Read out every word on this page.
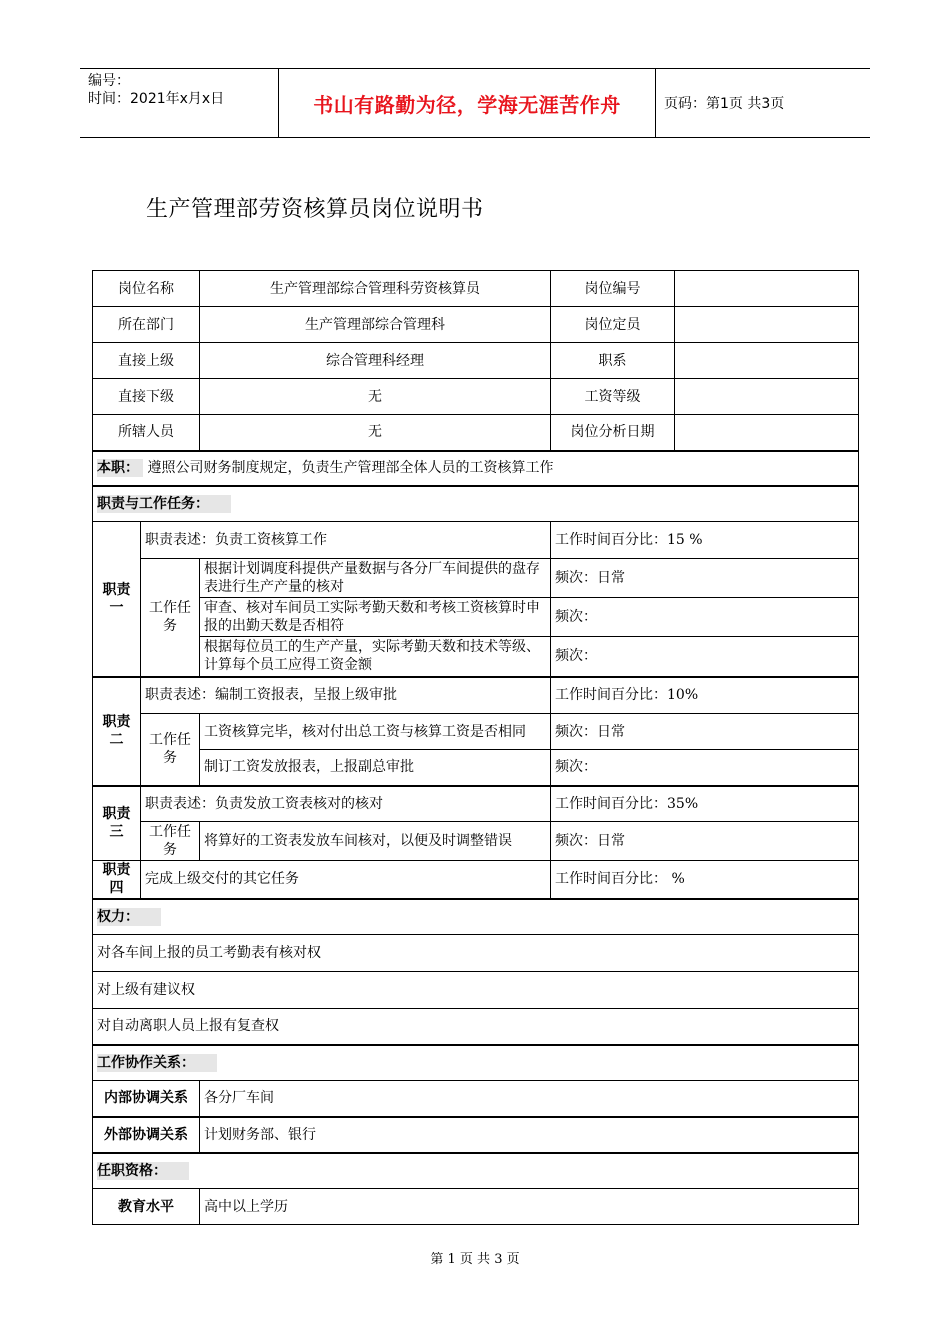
编号：
时间：2021年x月x日	书山有路勤为径，学海无涯苦作舟	页码：第1页 共3页
生产管理部劳资核算员岗位说明书
岗位名称		生产管理部综合管理科劳资核算员	岗位编号	
所在部门		生产管理部综合管理科	岗位定员	
直接上级		综合管理科经理	职系	
直接下级		无	工资等级	
所辖人员		无	岗位分析日期	
本职： 遵照公司财务制度规定，负责生产管理部全体人员的工资核算工作				
职责与工作任务：				
职责一	职责表述：负责工资核算工作		工作时间百分比：15 %	
	工作任务	根据计划调度科提供产量数据与各分厂车间提供的盘存表进行生产产量的核对	频次：日常	
		审查、核对车间员工实际考勤天数和考核工资核算时申报的出勤天数是否相符	频次：	
		根据每位员工的生产产量，实际考勤天数和技术等级、计算每个员工应得工资金额	频次：	
职责二	职责表述：编制工资报表，呈报上级审批		工作时间百分比：10%	
	工作任务	工资核算完毕，核对付出总工资与核算工资是否相同	频次：日常	
		制订工资发放报表，上报副总审批	频次：	
职责三	职责表述：负责发放工资表核对的核对		工作时间百分比：35%	
	工作任务	将算好的工资表发放车间核对，以便及时调整错误	频次：日常	
职责四	完成上级交付的其它任务		工作时间百分比： %	
权力：				
对各车间上报的员工考勤表有核对权				
对上级有建议权				
对自动离职人员上报有复查权				
工作协作关系：				
内部协调关系		各分厂车间		
外部协调关系		计划财务部、银行		
任职资格：				
教育水平		高中以上学历		
第 1 页 共 3 页
